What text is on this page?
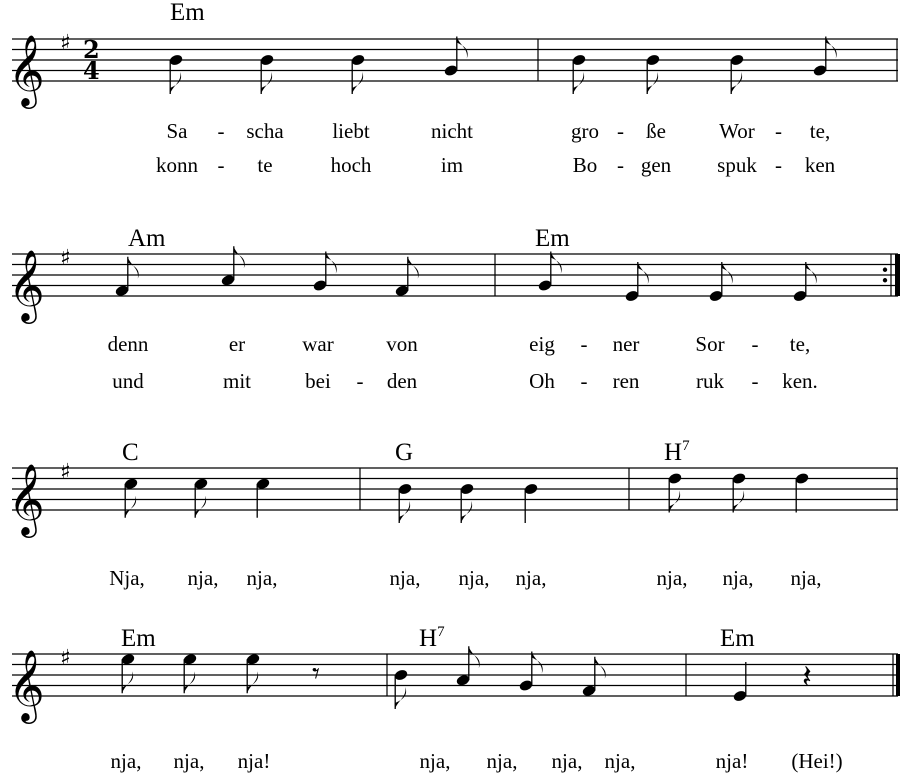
𝄞 ♯ 2
4
Em
Sa - scha liebt	nicht	gro - ße	Wor - te,
konn - te	hoch	im	Bo - gen spuk - ken
𝄞 ♯
Am	Em
denn	er	war	von	eig - ner	Sor - te,
und	mit	bei - den	Oh - ren	ruk - ken.
𝄞 ♯
C	G	$H^7$
Nja, nja, nja,	nja, nja, nja,	nja, nja, nja,
𝄞 ♯
Em	$H^7$	Em
𝄾	𝄽
nja, nja, nja!	nja, nja, nja, nja,	nja! (Hei!)
